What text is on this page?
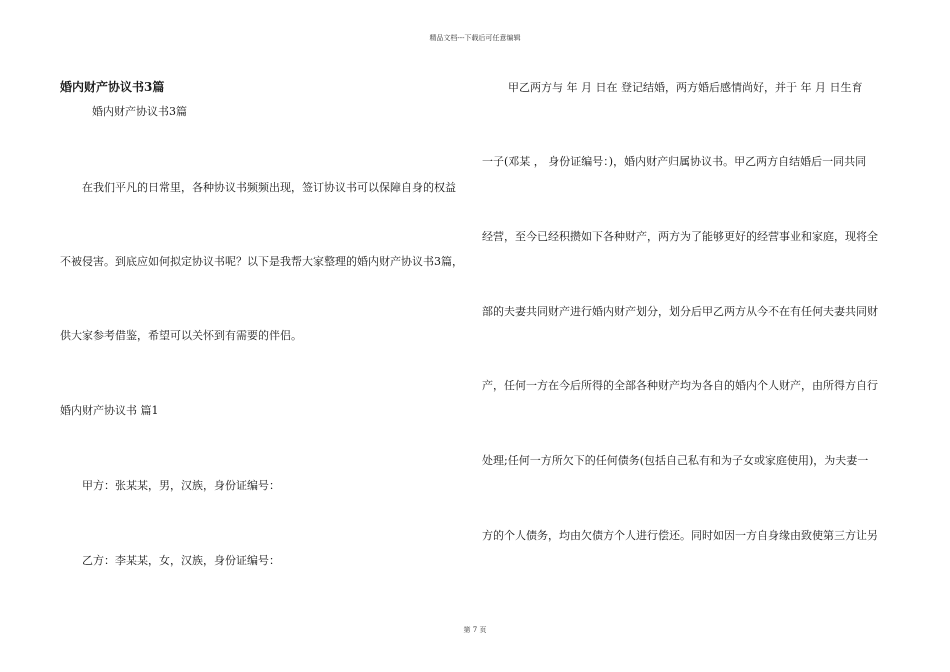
精品文档---下载后可任意编辑
婚内财产协议书3篇
婚内财产协议书3篇
在我们平凡的日常里，各种协议书频频出现，签订协议书可以保障自身的权益
不被侵害。到底应如何拟定协议书呢？以下是我帮大家整理的婚内财产协议书3篇，
供大家参考借鉴，希望可以关怀到有需要的伴侣。
婚内财产协议书 篇1
甲方：张某某，男，汉族，身份证编号：
乙方：李某某，女，汉族，身份证编号：
甲乙两方与 年 月 日在 登记结婚，两方婚后感情尚好，并于 年 月 日生育
一子(邓某 ， 身份证编号：)，婚内财产归属协议书。甲乙两方自结婚后一同共同
经营，至今已经积攒如下各种财产，两方为了能够更好的经营事业和家庭，现将全
部的夫妻共同财产进行婚内财产划分，划分后甲乙两方从今不在有任何夫妻共同财
产，任何一方在今后所得的全部各种财产均为各自的婚内个人财产，由所得方自行
处理;任何一方所欠下的任何债务(包括自己私有和为子女或家庭使用)，为夫妻一
方的个人债务，均由欠债方个人进行偿还。同时如因一方自身缘由致使第三方让另
第 7 页
